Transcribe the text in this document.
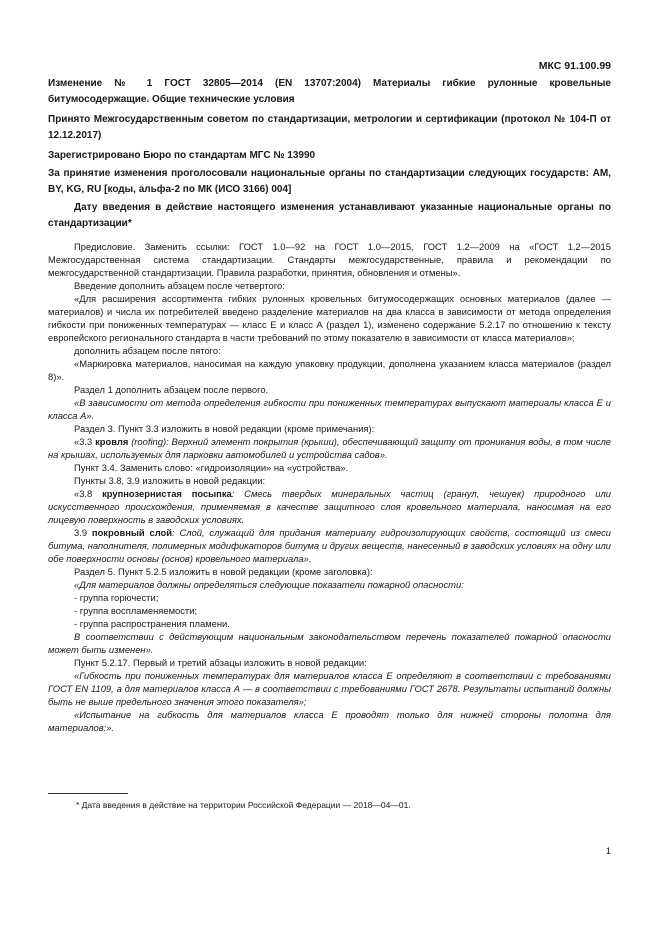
МКС 91.100.99
Изменение № 1 ГОСТ 32805—2014 (EN 13707:2004) Материалы гибкие рулонные кровельные битумосодержащие. Общие технические условия
Принято Межгосударственным советом по стандартизации, метрологии и сертификации (протокол № 104-П от 12.12.2017)
Зарегистрировано Бюро по стандартам МГС № 13990
За принятие изменения проголосовали национальные органы по стандартизации следующих государств: AM, BY, KG, RU [коды, альфа-2 по МК (ИСО 3166) 004]
Дату введения в действие настоящего изменения устанавливают указанные национальные органы по стандартизации*

Предисловие. Заменить ссылки: ГОСТ 1.0—92 на ГОСТ 1.0—2015, ГОСТ 1.2—2009 на «ГОСТ 1.2—2015 Межгосударственная система стандартизации. Стандарты межгосударственные, правила и рекомендации по межгосударственной стандартизации. Правила разработки, принятия, обновления и отмены».

Введение дополнить абзацем после четвертого:

«Для расширения ассортимента гибких рулонных кровельных битумосодержащих основных материалов (далее — материалов) и числа их потребителей введено разделение материалов на два класса в зависимости от метода определения гибкости при пониженных температурах — класс Е и класс А (раздел 1), изменено содержание 5.2.17 по отношению к тексту европейского регионального стандарта в части требований по этому показателю в зависимости от класса материалов»;

дополнить абзацем после пятого:

«Маркировка материалов, наносимая на каждую упаковку продукции, дополнена указанием класса материалов (раздел 8)».

Раздел 1 дополнить абзацем после первого.

«В зависимости от метода определения гибкости при пониженных температурах выпускают материалы класса Е и класса А».

Раздел 3. Пункт 3.3 изложить в новой редакции (кроме примечания):

«3.3 кровля (roofing): Верхний элемент покрытия (крыши), обеспечивающий защиту от проникания воды, в том числе на крышах, используемых для парковки автомобилей и устройства садов».

Пункт 3.4. Заменить слово: «гидроизоляции» на «устройства».

Пункты 3.8, 3.9 изложить в новой редакции:

«3.8 крупнозернистая посыпка: Смесь твердых минеральных частиц (гранул, чешуек) природного или искусственного происхождения, применяемая в качестве защитного слоя кровельного материала, наносимая на его лицевую поверхность в заводских условиях.

3.9 покровный слой: Слой, служащий для придания материалу гидроизолирующих свойств, состоящий из смеси битума, наполнителя, полимерных модификаторов битума и других веществ, нанесенный в заводских условиях на одну или обе поверхности основы (основ) кровельного материала».

Раздел 5. Пункт 5.2.5 изложить в новой редакции (кроме заголовка):

«Для материалов должны определяться следующие показатели пожарной опасности:

- группа горючести;

- группа воспламеняемости;

- группа распространения пламени.

В соответствии с действующим национальным законодательством перечень показателей пожарной опасности может быть изменен».

Пункт 5.2.17. Первый и третий абзацы изложить в новой редакции:

«Гибкость при пониженных температурах для материалов класса Е определяют в соответствии с требованиями ГОСТ EN 1109, а для материалов класса А — в соответствии с требованиями ГОСТ 2678. Результаты испытаний должны быть не выше предельного значения этого показателя»;

«Испытание на гибкость для материалов класса Е проводят только для нижней стороны полотна для материалов:».

* Дата введения в действие на территории Российской Федерации — 2018—04—01.
1
